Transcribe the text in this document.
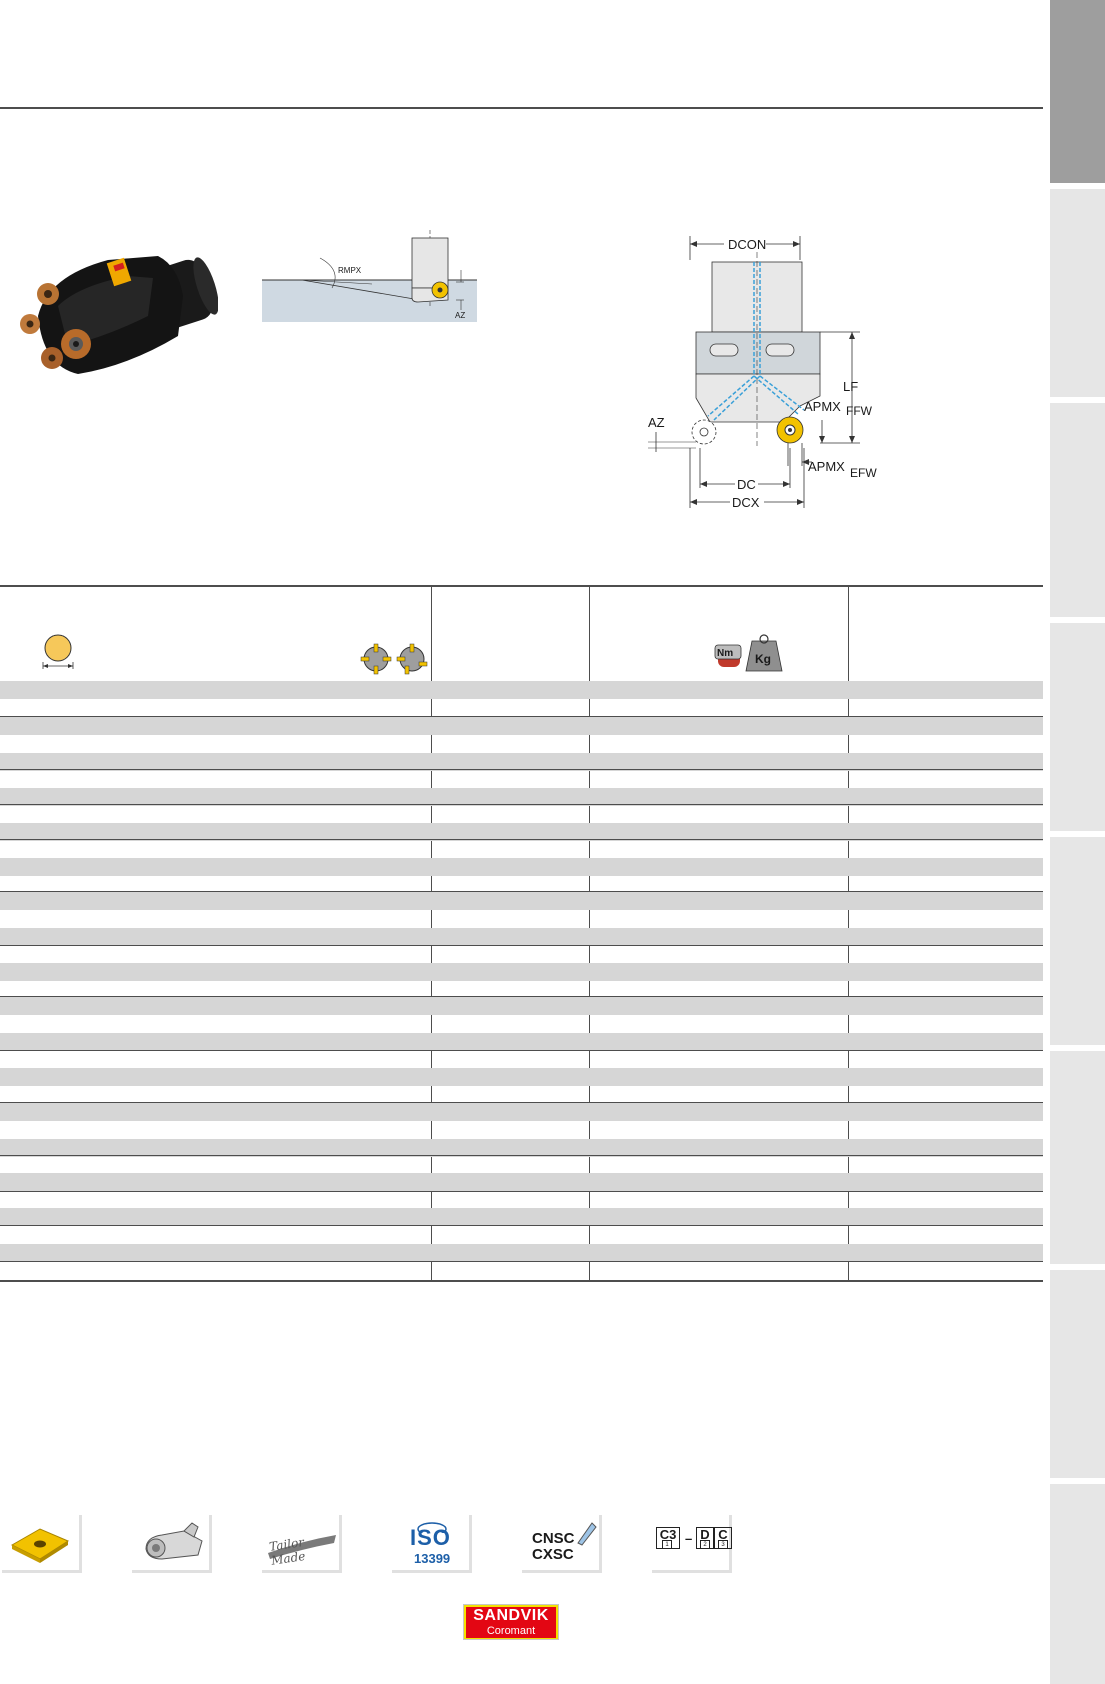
RMPX
AZ
DCON
LF
FFW
APMX
APMX EFW
AZ
DC
DCX
Nm Kg
Tailor Made
ISO
13399
CNSC
CXSC
C3
1 – D C
2	3
SANDVIK
Coromant
